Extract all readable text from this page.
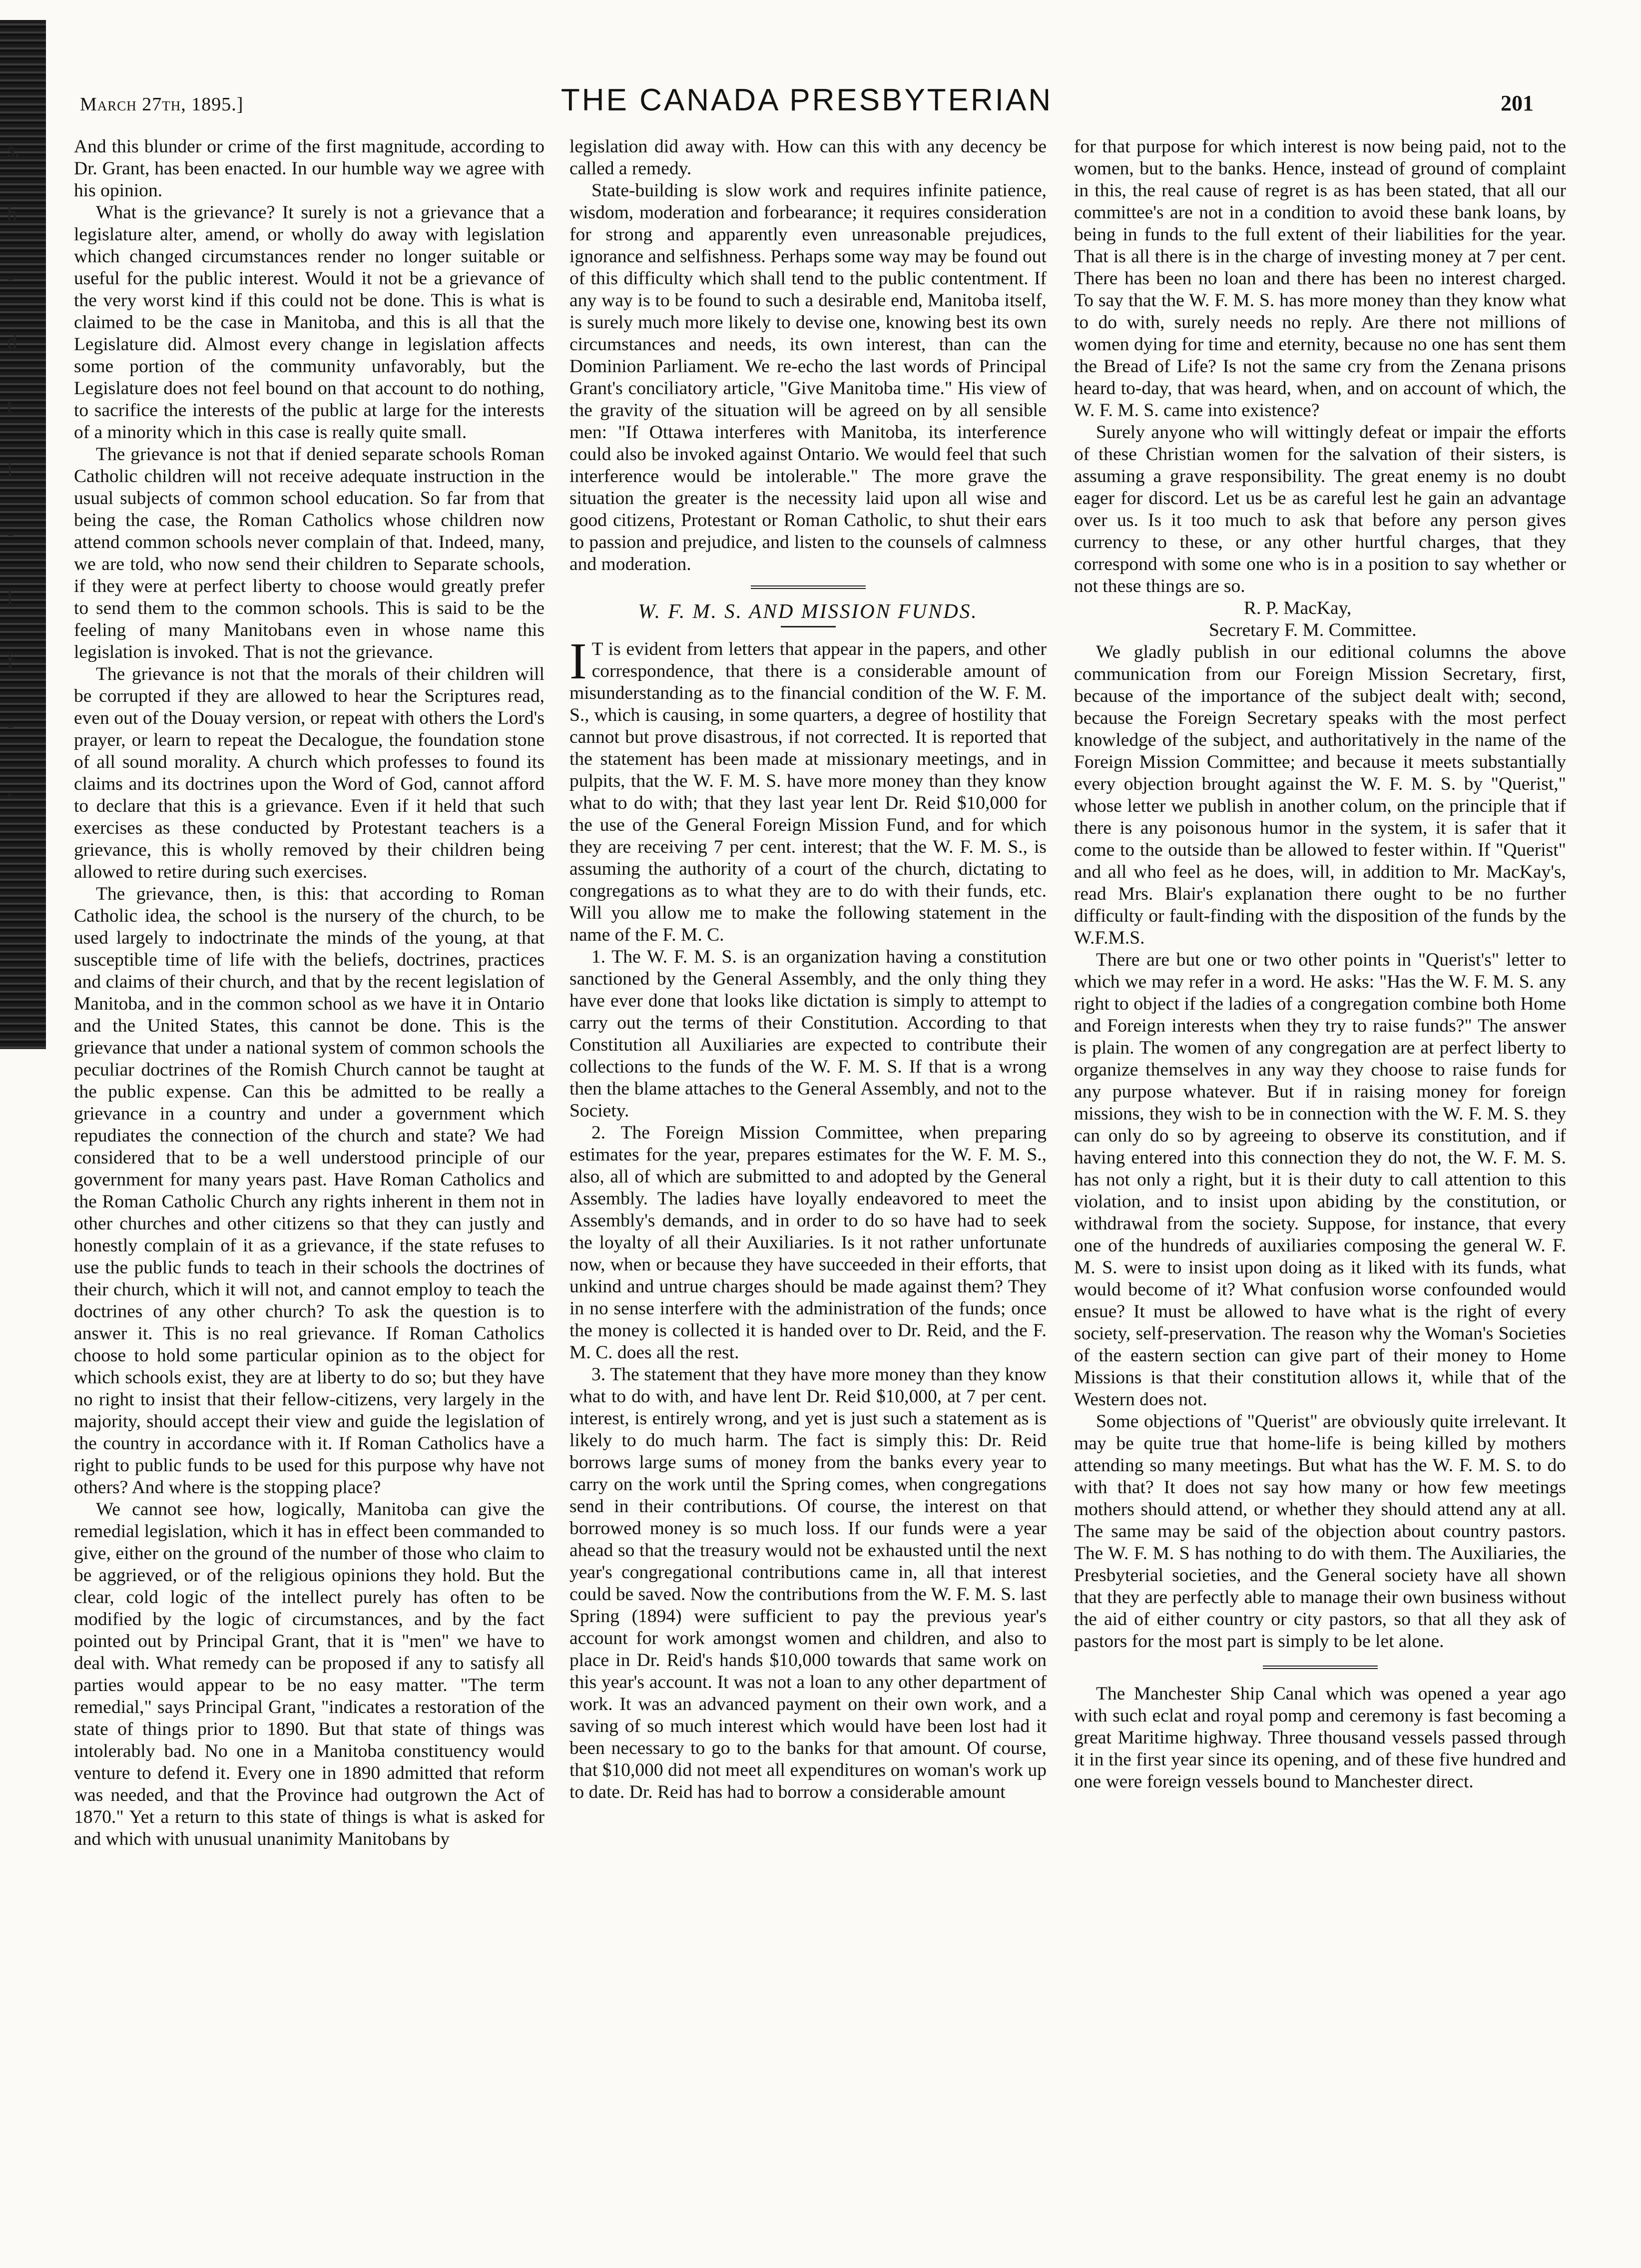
s,
h
-
d
t
l
-
l
f
-
,
March 27th, 1895.]	THE CANADA PRESBYTERIAN	201

And this blunder or crime of the first magnitude, according to Dr. Grant, has been enacted. In our humble way we agree with his opinion.

What is the grievance? It surely is not a grievance that a legislature alter, amend, or wholly do away with legislation which changed circumstances render no longer suitable or useful for the public interest. Would it not be a grievance of the very worst kind if this could not be done. This is what is claimed to be the case in Manitoba, and this is all that the Legislature did. Almost every change in legislation affects some portion of the community unfavorably, but the Legislature does not feel bound on that account to do nothing, to sacrifice the interests of the public at large for the interests of a minority which in this case is really quite small.

The grievance is not that if denied separate schools Roman Catholic children will not receive adequate instruction in the usual subjects of common school education. So far from that being the case, the Roman Catholics whose children now attend common schools never complain of that. Indeed, many, we are told, who now send their children to Separate schools, if they were at perfect liberty to choose would greatly prefer to send them to the common schools. This is said to be the feeling of many Manitobans even in whose name this legislation is invoked. That is not the grievance.

The grievance is not that the morals of their children will be corrupted if they are allowed to hear the Scriptures read, even out of the Douay version, or repeat with others the Lord's prayer, or learn to repeat the Decalogue, the foundation stone of all sound morality. A church which professes to found its claims and its doctrines upon the Word of God, cannot afford to declare that this is a grievance. Even if it held that such exercises as these conducted by Protestant teachers is a grievance, this is wholly removed by their children being allowed to retire during such exercises.

The grievance, then, is this: that according to Roman Catholic idea, the school is the nursery of the church, to be used largely to indoctrinate the minds of the young, at that susceptible time of life with the beliefs, doctrines, practices and claims of their church, and that by the recent legislation of Manitoba, and in the common school as we have it in Ontario and the United States, this cannot be done. This is the grievance that under a national system of common schools the peculiar doctrines of the Romish Church cannot be taught at the public expense. Can this be admitted to be really a grievance in a country and under a government which repudiates the connection of the church and state? We had considered that to be a well understood principle of our government for many years past. Have Roman Catholics and the Roman Catholic Church any rights inherent in them not in other churches and other citizens so that they can justly and honestly complain of it as a grievance, if the state refuses to use the public funds to teach in their schools the doctrines of their church, which it will not, and cannot employ to teach the doctrines of any other church? To ask the question is to answer it. This is no real grievance. If Roman Catholics choose to hold some particular opinion as to the object for which schools exist, they are at liberty to do so; but they have no right to insist that their fellow-citizens, very largely in the majority, should accept their view and guide the legislation of the country in accordance with it. If Roman Catholics have a right to public funds to be used for this purpose why have not others? And where is the stopping place?

We cannot see how, logically, Manitoba can give the remedial legislation, which it has in effect been commanded to give, either on the ground of the number of those who claim to be aggrieved, or of the religious opinions they hold. But the clear, cold logic of the intellect purely has often to be modified by the logic of circumstances, and by the fact pointed out by Principal Grant, that it is "men" we have to deal with. What remedy can be proposed if any to satisfy all parties would appear to be no easy matter. "The term remedial," says Principal Grant, "indicates a restoration of the state of things prior to 1890. But that state of things was intolerably bad. No one in a Manitoba constituency would venture to defend it. Every one in 1890 admitted that reform was needed, and that the Province had outgrown the Act of 1870." Yet a return to this state of things is what is asked for and which with unusual unanimity Manitobans by

legislation did away with. How can this with any decency be called a remedy.

State-building is slow work and requires infinite patience, wisdom, moderation and forbearance; it requires consideration for strong and apparently even unreasonable prejudices, ignorance and selfishness. Perhaps some way may be found out of this difficulty which shall tend to the public contentment. If any way is to be found to such a desirable end, Manitoba itself, is surely much more likely to devise one, knowing best its own circumstances and needs, its own interest, than can the Dominion Parliament. We re-echo the last words of Principal Grant's conciliatory article, "Give Manitoba time." His view of the gravity of the situation will be agreed on by all sensible men: "If Ottawa interferes with Manitoba, its interference could also be invoked against Ontario. We would feel that such interference would be intolerable." The more grave the situation the greater is the necessity laid upon all wise and good citizens, Protestant or Roman Catholic, to shut their ears to passion and prejudice, and listen to the counsels of calmness and moderation.

W. F. M. S. AND MISSION FUNDS.

I T is evident from letters that appear in the papers, and other correspondence, that there is a considerable amount of misunderstanding as to the financial condition of the W. F. M. S., which is causing, in some quarters, a degree of hostility that cannot but prove disastrous, if not corrected. It is reported that the statement has been made at missionary meetings, and in pulpits, that the W. F. M. S. have more money than they know what to do with; that they last year lent Dr. Reid $10,000 for the use of the General Foreign Mission Fund, and for which they are receiving 7 per cent. interest; that the W. F. M. S., is assuming the authority of a court of the church, dictating to congregations as to what they are to do with their funds, etc. Will you allow me to make the following statement in the name of the F. M. C.

1. The W. F. M. S. is an organization having a constitution sanctioned by the General Assembly, and the only thing they have ever done that looks like dictation is simply to attempt to carry out the terms of their Constitution. According to that Constitution all Auxiliaries are expected to contribute their collections to the funds of the W. F. M. S. If that is a wrong then the blame attaches to the General Assembly, and not to the Society.

2. The Foreign Mission Committee, when preparing estimates for the year, prepares estimates for the W. F. M. S., also, all of which are submitted to and adopted by the General Assembly. The ladies have loyally endeavored to meet the Assembly's demands, and in order to do so have had to seek the loyalty of all their Auxiliaries. Is it not rather unfortunate now, when or because they have succeeded in their efforts, that unkind and untrue charges should be made against them? They in no sense interfere with the administration of the funds; once the money is collected it is handed over to Dr. Reid, and the F. M. C. does all the rest.

3. The statement that they have more money than they know what to do with, and have lent Dr. Reid $10,000, at 7 per cent. interest, is entirely wrong, and yet is just such a statement as is likely to do much harm. The fact is simply this: Dr. Reid borrows large sums of money from the banks every year to carry on the work until the Spring comes, when congregations send in their contributions. Of course, the interest on that borrowed money is so much loss. If our funds were a year ahead so that the treasury would not be exhausted until the next year's congregational contributions came in, all that interest could be saved. Now the contributions from the W. F. M. S. last Spring (1894) were sufficient to pay the previous year's account for work amongst women and children, and also to place in Dr. Reid's hands $10,000 towards that same work on this year's account. It was not a loan to any other department of work. It was an advanced payment on their own work, and a saving of so much interest which would have been lost had it been necessary to go to the banks for that amount. Of course, that $10,000 did not meet all expenditures on woman's work up to date. Dr. Reid has had to borrow a considerable amount

for that purpose for which interest is now being paid, not to the women, but to the banks. Hence, instead of ground of complaint in this, the real cause of regret is as has been stated, that all our committee's are not in a condition to avoid these bank loans, by being in funds to the full extent of their liabilities for the year. That is all there is in the charge of investing money at 7 per cent. There has been no loan and there has been no interest charged. To say that the W. F. M. S. has more money than they know what to do with, surely needs no reply. Are there not millions of women dying for time and eternity, because no one has sent them the Bread of Life? Is not the same cry from the Zenana prisons heard to-day, that was heard, when, and on account of which, the W. F. M. S. came into existence?

Surely anyone who will wittingly defeat or impair the efforts of these Christian women for the salvation of their sisters, is assuming a grave responsibility. The great enemy is no doubt eager for discord. Let us be as careful lest he gain an advantage over us. Is it too much to ask that before any person gives currency to these, or any other hurtful charges, that they correspond with some one who is in a position to say whether or not these things are so.

R. P. MacKay,

Secretary F. M. Committee.

We gladly publish in our editional columns the above communication from our Foreign Mission Secretary, first, because of the importance of the subject dealt with; second, because the Foreign Secretary speaks with the most perfect knowledge of the subject, and authoritatively in the name of the Foreign Mission Committee; and because it meets substantially every objection brought against the W. F. M. S. by "Querist," whose letter we publish in another colum, on the principle that if there is any poisonous humor in the system, it is safer that it come to the outside than be allowed to fester within. If "Querist" and all who feel as he does, will, in addition to Mr. MacKay's, read Mrs. Blair's explanation there ought to be no further difficulty or fault-finding with the disposition of the funds by the W.F.M.S.

There are but one or two other points in "Querist's" letter to which we may refer in a word. He asks: "Has the W. F. M. S. any right to object if the ladies of a congregation combine both Home and Foreign interests when they try to raise funds?" The answer is plain. The women of any congregation are at perfect liberty to organize themselves in any way they choose to raise funds for any purpose whatever. But if in raising money for foreign missions, they wish to be in connection with the W. F. M. S. they can only do so by agreeing to observe its constitution, and if having entered into this connection they do not, the W. F. M. S. has not only a right, but it is their duty to call attention to this violation, and to insist upon abiding by the constitution, or withdrawal from the society. Suppose, for instance, that every one of the hundreds of auxiliaries composing the general W. F. M. S. were to insist upon doing as it liked with its funds, what would become of it? What confusion worse confounded would ensue? It must be allowed to have what is the right of every society, self-preservation. The reason why the Woman's Societies of the eastern section can give part of their money to Home Missions is that their constitution allows it, while that of the Western does not.

Some objections of "Querist" are obviously quite irrelevant. It may be quite true that home-life is being killed by mothers attending so many meetings. But what has the W. F. M. S. to do with that? It does not say how many or how few meetings mothers should attend, or whether they should attend any at all. The same may be said of the objection about country pastors. The W. F. M. S has nothing to do with them. The Auxiliaries, the Presbyterial societies, and the General society have all shown that they are perfectly able to manage their own business without the aid of either country or city pastors, so that all they ask of pastors for the most part is simply to be let alone.

The Manchester Ship Canal which was opened a year ago with such eclat and royal pomp and ceremony is fast becoming a great Maritime highway. Three thousand vessels passed through it in the first year since its opening, and of these five hundred and one were foreign vessels bound to Manchester direct.
